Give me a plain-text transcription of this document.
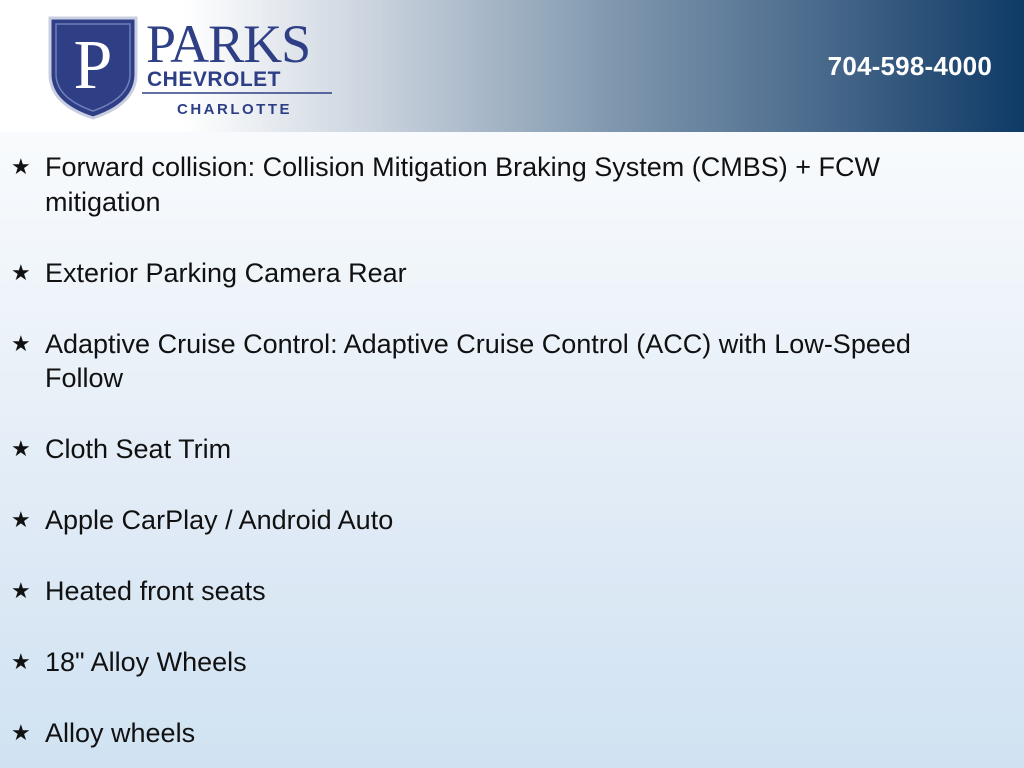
P PARKS
CHEVROLET
CHARLOTTE
704-598-4000
★ Forward collision: Collision Mitigation Braking System (CMBS) + FCW mitigation
★ Exterior Parking Camera Rear
★ Adaptive Cruise Control: Adaptive Cruise Control (ACC) with Low-Speed Follow
★ Cloth Seat Trim
★ Apple CarPlay / Android Auto
★ Heated front seats
★ 18" Alloy Wheels
★ Alloy wheels
